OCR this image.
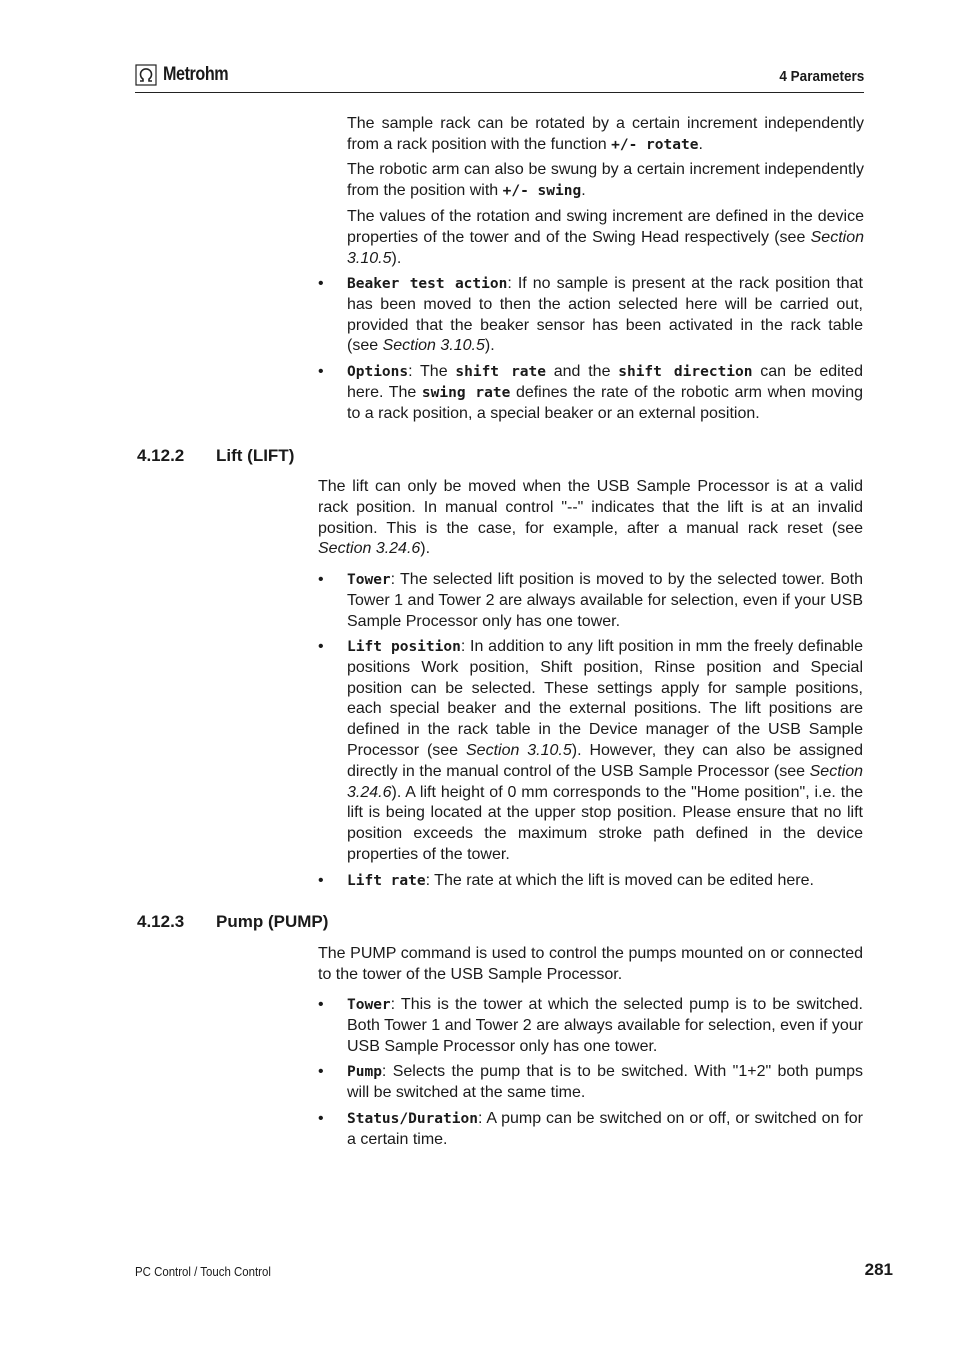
Metrohm	4 Parameters

The sample rack can be rotated by a certain increment independently from a rack position with the function +/- rotate.

The robotic arm can also be swung by a certain increment independently from the position with +/- swing.

The values of the rotation and swing increment are defined in the device properties of the tower and of the Swing Head respectively (see Section 3.10.5).

• Beaker test action: If no sample is present at the rack position that has been moved to then the action selected here will be carried out, provided that the beaker sensor has been activated in the rack table (see Section 3.10.5).

• Options: The shift rate and the shift direction can be edited here. The swing rate defines the rate of the robotic arm when moving to a rack position, a special beaker or an external position.

4.12.2 Lift (LIFT)

The lift can only be moved when the USB Sample Processor is at a valid rack position. In manual control "--" indicates that the lift is at an invalid position. This is the case, for example, after a manual rack reset (see Section 3.24.6).

• Tower: The selected lift position is moved to by the selected tower. Both Tower 1 and Tower 2 are always available for selection, even if your USB Sample Processor only has one tower.

• Lift position: In addition to any lift position in mm the freely definable positions Work position, Shift position, Rinse position and Special position can be selected. These settings apply for sample positions, each special beaker and the external positions. The lift positions are defined in the rack table in the Device manager of the USB Sample Processor (see Section 3.10.5). However, they can also be assigned directly in the manual control of the USB Sample Processor (see Section 3.24.6). A lift height of 0 mm corresponds to the "Home position", i.e. the lift is being located at the upper stop position. Please ensure that no lift position exceeds the maximum stroke path defined in the device properties of the tower.

• Lift rate: The rate at which the lift is moved can be edited here.

4.12.3 Pump (PUMP)

The PUMP command is used to control the pumps mounted on or connected to the tower of the USB Sample Processor.

• Tower: This is the tower at which the selected pump is to be switched. Both Tower 1 and Tower 2 are always available for selection, even if your USB Sample Processor only has one tower.

• Pump: Selects the pump that is to be switched. With "1+2" both pumps will be switched at the same time.

• Status/Duration: A pump can be switched on or off, or switched on for a certain time.

PC Control / Touch Control	281
